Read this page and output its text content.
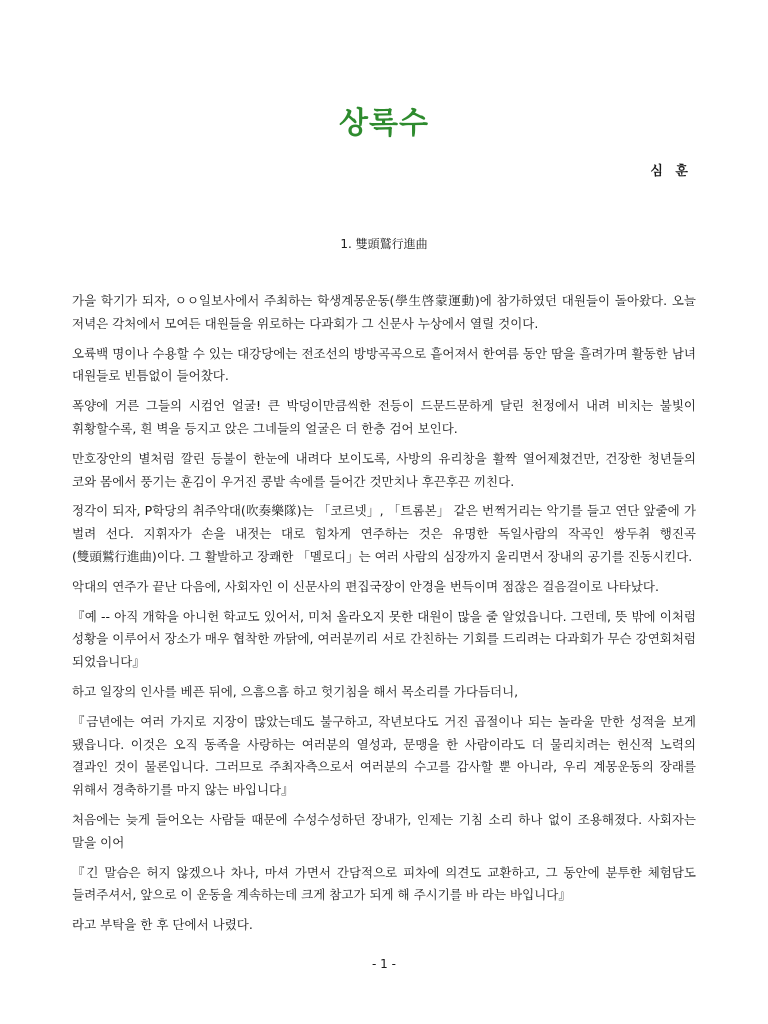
상록수
심 훈
1. 雙頭鷲行進曲

가을 학기가 되자, ㅇㅇ일보사에서 주최하는 학생계몽운동(學生啓蒙運動)에 참가하였던 대원들이 돌아왔다. 오늘 저녁은 각처에서 모여든 대원들을 위로하는 다과회가 그 신문사 누상에서 열릴 것이다.

오륙백 명이나 수용할 수 있는 대강당에는 전조선의 방방곡곡으로 흩어져서 한여름 동안 땀을 흘려가며 활동한 남녀 대원들로 빈틈없이 들어찼다.

폭양에 거른 그들의 시컴언 얼굴! 큰 박덩이만큼씩한 전등이 드문드문하게 달린 천정에서 내려 비치는 불빛이 휘황할수록, 흰 벽을 등지고 앉은 그네들의 얼굴은 더 한층 검어 보인다.

만호장안의 별처럼 깔린 등불이 한눈에 내려다 보이도록, 사방의 유리창을 활짝 열어제쳤건만, 건장한 청년들의 코와 몸에서 풍기는 훈김이 우거진 콩밭 속에를 들어간 것만치나 후끈후끈 끼친다.

정각이 되자, P학당의 취주악대(吹奏樂隊)는 「코르넷」, 「트롬본」 같은 번쩍거리는 악기를 들고 연단 앞줄에 가 벌려 선다. 지휘자가 손을 내젓는 대로 힘차게 연주하는 것은 유명한 독일사람의 작곡인 쌍두취 행진곡(雙頭鷲行進曲)이다. 그 활발하고 장쾌한 「멜로디」는 여러 사람의 심장까지 울리면서 장내의 공기를 진동시킨다.

악대의 연주가 끝난 다음에, 사회자인 이 신문사의 편집국장이 안경을 번득이며 점잖은 걸음걸이로 나타났다.

『예 -- 아직 개학을 아니헌 학교도 있어서, 미처 올라오지 못한 대원이 많을 줄 알었읍니다. 그런데, 뜻 밖에 이처럼 성황을 이루어서 장소가 매우 협착한 까닭에, 여러분끼리 서로 간친하는 기회를 드리려는 다과회가 무슨 강연회처럼 되었읍니다』

하고 일장의 인사를 베픈 뒤에, 으흠으흠 하고 헛기침을 해서 목소리를 가다듬더니,

『금년에는 여러 가지로 지장이 많았는데도 불구하고, 작년보다도 거진 곱절이나 되는 놀라울 만한 성적을 보게 됐읍니다. 이것은 오직 동족을 사랑하는 여러분의 열성과, 문맹을 한 사람이라도 더 물리치려는 헌신적 노력의 결과인 것이 물론입니다. 그러므로 주최자측으로서 여러분의 수고를 감사할 뿐 아니라, 우리 계몽운동의 장래를 위해서 경축하기를 마지 않는 바입니다』

처음에는 늦게 들어오는 사람들 때문에 수성수성하던 장내가, 인제는 기침 소리 하나 없이 조용해졌다. 사회자는 말을 이어

『긴 말슴은 허지 않겠으나 차나, 마셔 가면서 간담적으로 피차에 의견도 교환하고, 그 동안에 분투한 체험담도 들려주셔서, 앞으로 이 운동을 계속하는데 크게 참고가 되게 해 주시기를 바 라는 바입니다』

라고 부탁을 한 후 단에서 나렸다.

- 1 -
